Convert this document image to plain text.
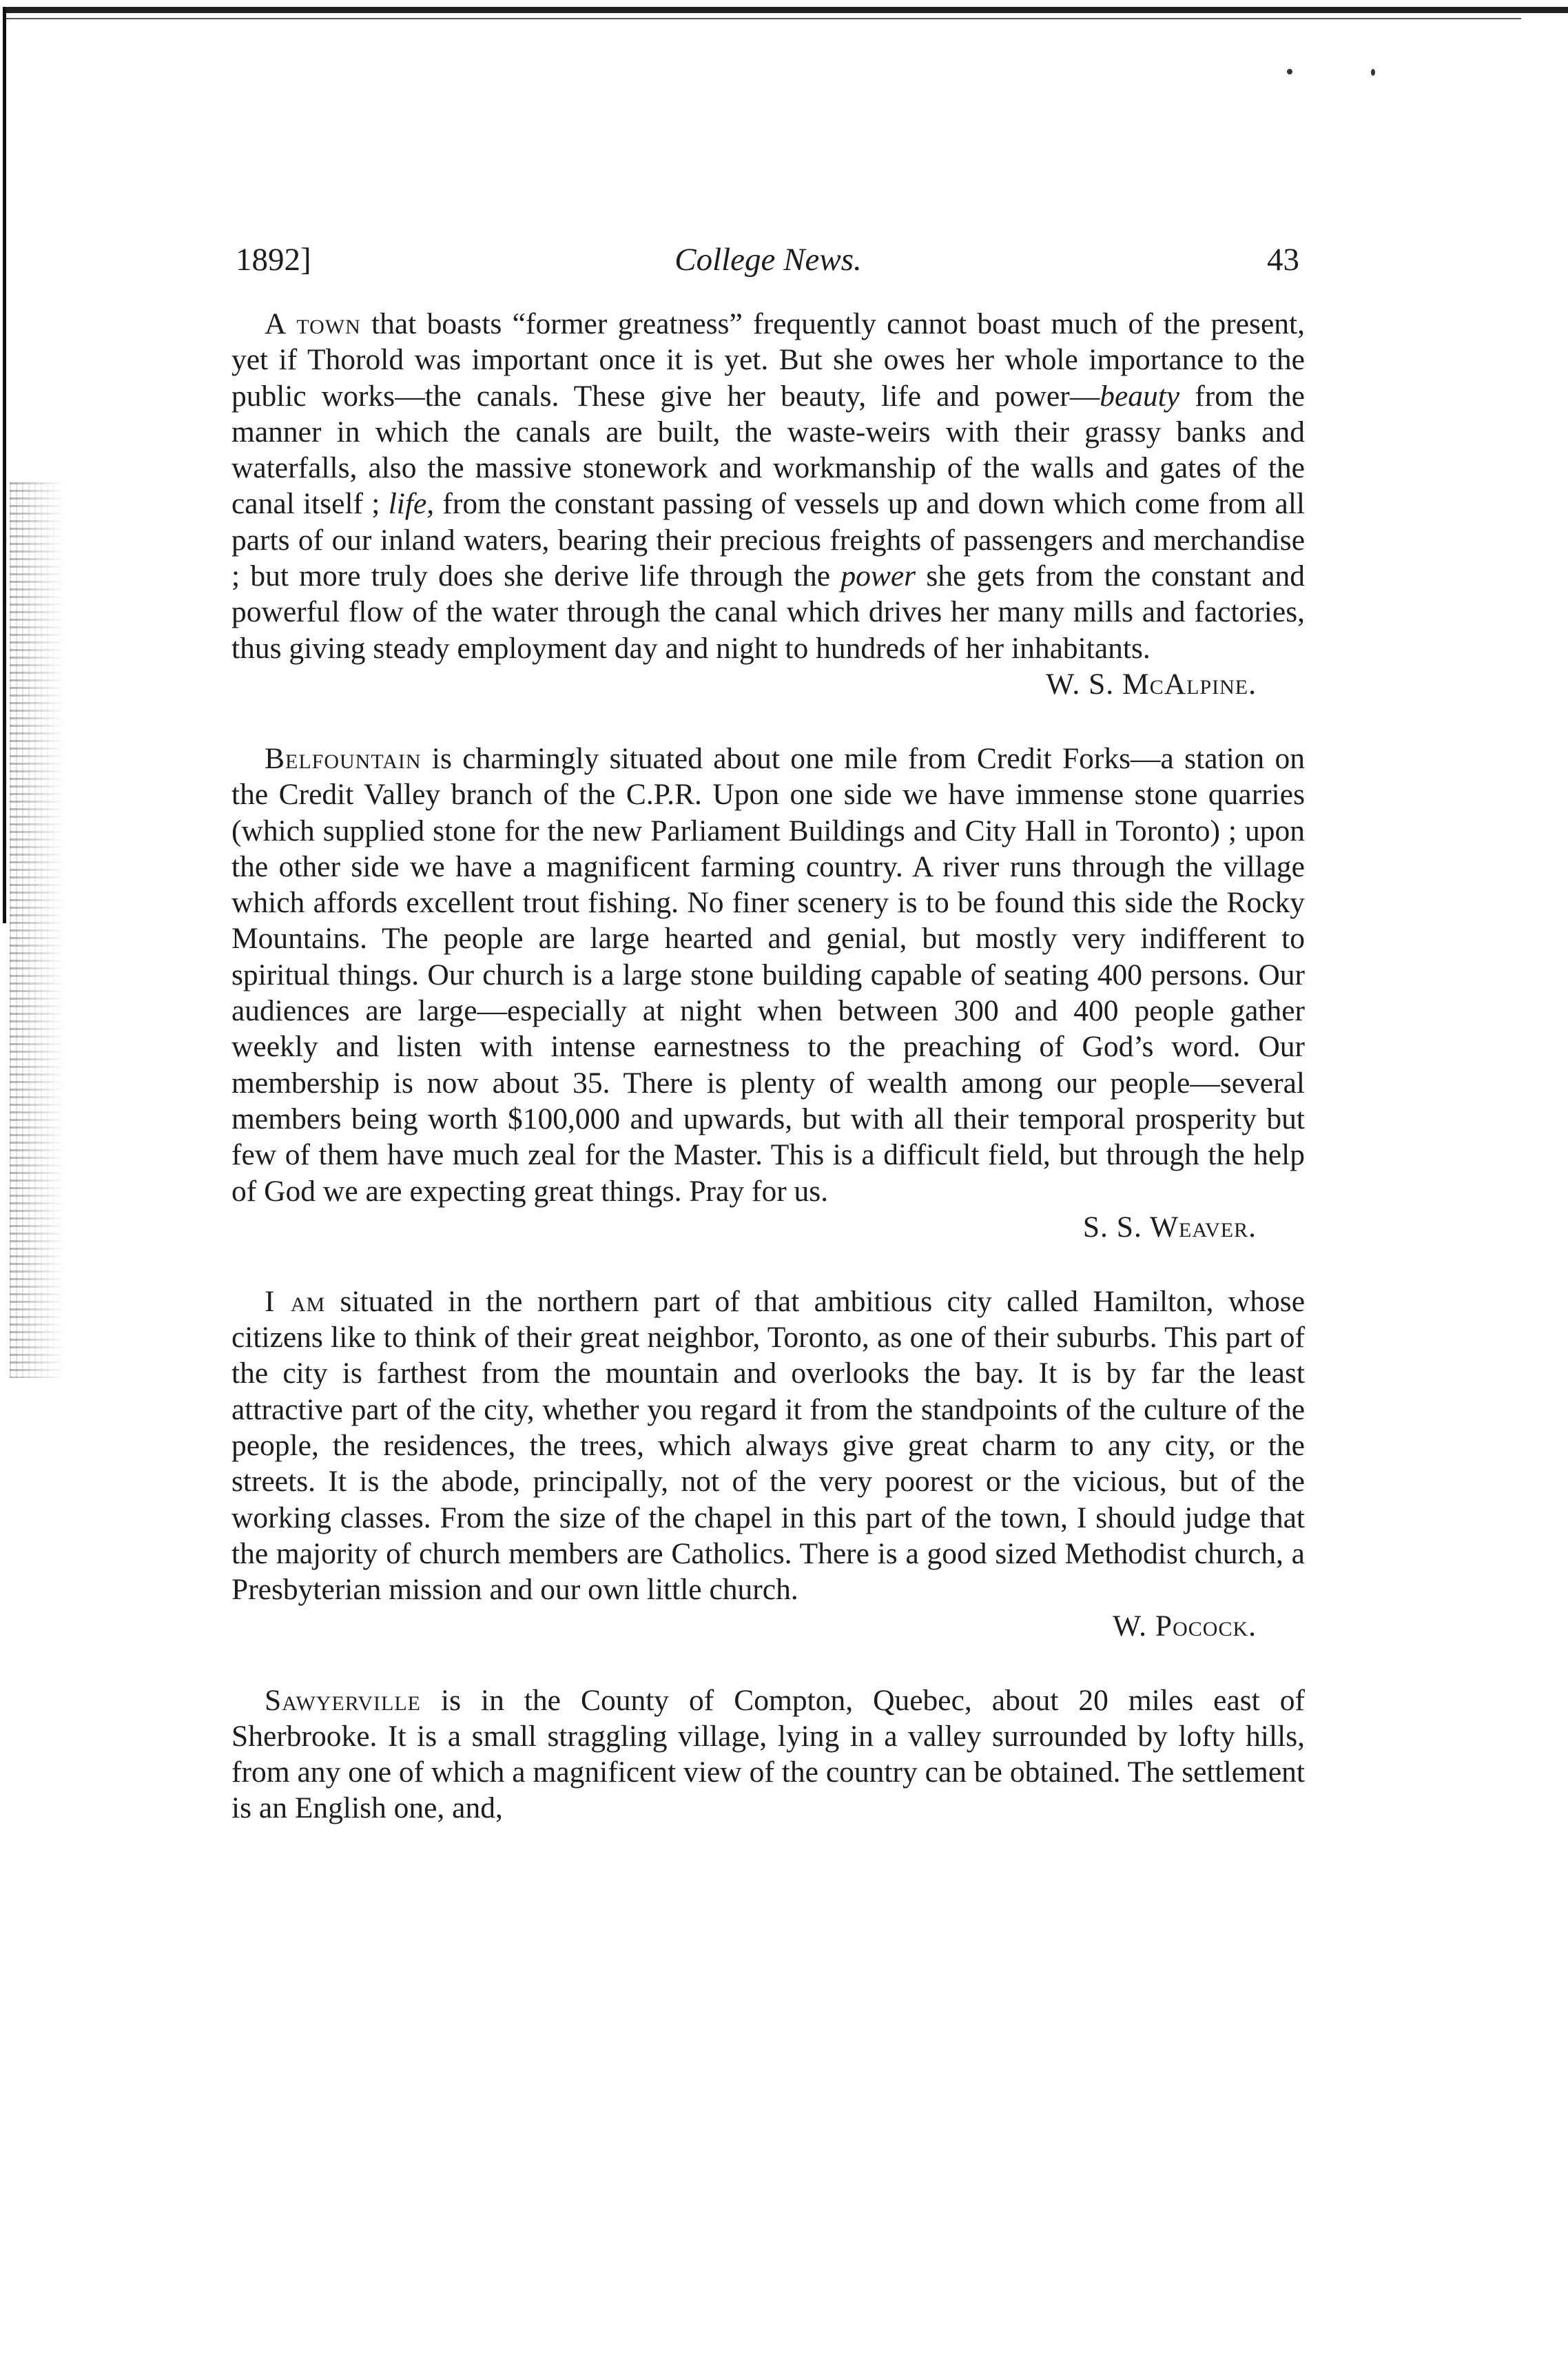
1892]	College News.	43

A town that boasts “former greatness” frequently cannot boast much of the present, yet if Thorold was important once it is yet. But she owes her whole importance to the public works—the canals. These give her beauty, life and power—beauty from the manner in which the canals are built, the waste-weirs with their grassy banks and waterfalls, also the massive stonework and workmanship of the walls and gates of the canal itself ; life, from the constant passing of vessels up and down which come from all parts of our inland waters, bearing their precious freights of passengers and merchandise ; but more truly does she derive life through the power she gets from the constant and powerful flow of the water through the canal which drives her many mills and factories, thus giving steady employment day and night to hundreds of her inhabitants.

W. S. McAlpine.

Belfountain is charmingly situated about one mile from Credit Forks—a station on the Credit Valley branch of the C.P.R. Upon one side we have immense stone quarries (which supplied stone for the new Parliament Buildings and City Hall in Toronto) ; upon the other side we have a magnificent farming country. A river runs through the village which affords excellent trout fishing. No finer scenery is to be found this side the Rocky Mountains. The people are large hearted and genial, but mostly very indifferent to spiritual things. Our church is a large stone building capable of seating 400 persons. Our audiences are large—especially at night when between 300 and 400 people gather weekly and listen with intense earnestness to the preaching of God’s word. Our membership is now about 35. There is plenty of wealth among our people—several members being worth $100,000 and upwards, but with all their temporal prosperity but few of them have much zeal for the Master. This is a difficult field, but through the help of God we are expecting great things. Pray for us.

S. S. Weaver.

I am situated in the northern part of that ambitious city called Hamilton, whose citizens like to think of their great neighbor, Toronto, as one of their suburbs. This part of the city is farthest from the mountain and overlooks the bay. It is by far the least attractive part of the city, whether you regard it from the standpoints of the culture of the people, the residences, the trees, which always give great charm to any city, or the streets. It is the abode, principally, not of the very poorest or the vicious, but of the working classes. From the size of the chapel in this part of the town, I should judge that the majority of church members are Catholics. There is a good sized Methodist church, a Presbyterian mission and our own little church.

W. Pocock.

Sawyerville is in the County of Compton, Quebec, about 20 miles east of Sherbrooke. It is a small straggling village, lying in a valley surrounded by lofty hills, from any one of which a magnificent view of the country can be obtained. The settlement is an English one, and,
